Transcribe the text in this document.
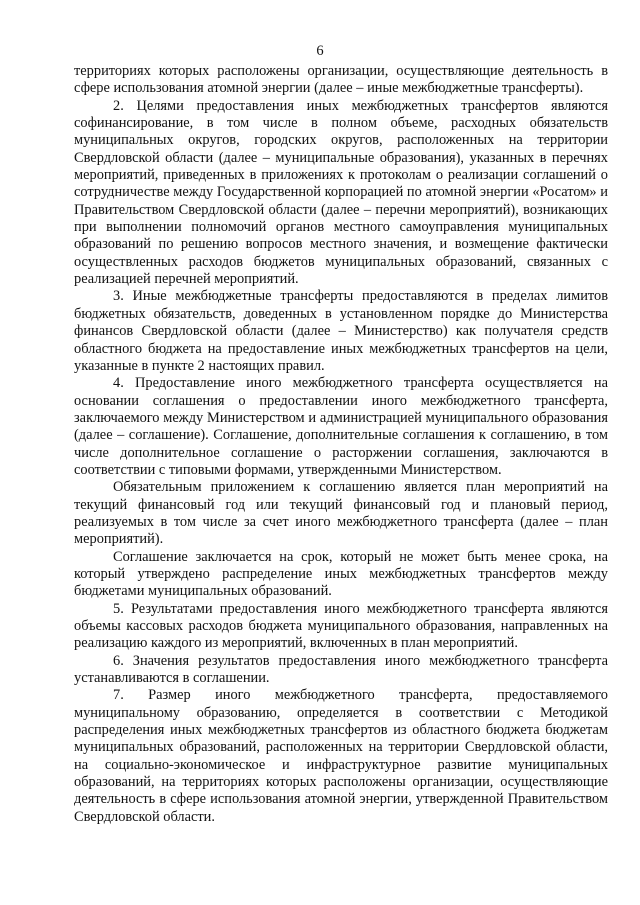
6

территориях которых расположены организации, осуществляющие деятельность в сфере использования атомной энергии (далее – иные межбюджетные трансферты).

2. Целями предоставления иных межбюджетных трансфертов являются софинансирование, в том числе в полном объеме, расходных обязательств муниципальных округов, городских округов, расположенных на территории Свердловской области (далее – муниципальные образования), указанных в перечнях мероприятий, приведенных в приложениях к протоколам о реализации соглашений о сотрудничестве между Государственной корпорацией по атомной энергии «Росатом» и Правительством Свердловской области (далее – перечни мероприятий), возникающих при выполнении полномочий органов местного самоуправления муниципальных образований по решению вопросов местного значения, и возмещение фактически осуществленных расходов бюджетов муниципальных образований, связанных с реализацией перечней мероприятий.

3. Иные межбюджетные трансферты предоставляются в пределах лимитов бюджетных обязательств, доведенных в установленном порядке до Министерства финансов Свердловской области (далее – Министерство) как получателя средств областного бюджета на предоставление иных межбюджетных трансфертов на цели, указанные в пункте 2 настоящих правил.

4. Предоставление иного межбюджетного трансферта осуществляется на основании соглашения о предоставлении иного межбюджетного трансферта, заключаемого между Министерством и администрацией муниципального образования (далее – соглашение). Соглашение, дополнительные соглашения к соглашению, в том числе дополнительное соглашение о расторжении соглашения, заключаются в соответствии с типовыми формами, утвержденными Министерством.

Обязательным приложением к соглашению является план мероприятий на текущий финансовый год или текущий финансовый год и плановый период, реализуемых в том числе за счет иного межбюджетного трансферта (далее – план мероприятий).

Соглашение заключается на срок, который не может быть менее срока, на который утверждено распределение иных межбюджетных трансфертов между бюджетами муниципальных образований.

5. Результатами предоставления иного межбюджетного трансферта являются объемы кассовых расходов бюджета муниципального образования, направленных на реализацию каждого из мероприятий, включенных в план мероприятий.

6. Значения результатов предоставления иного межбюджетного трансферта устанавливаются в соглашении.

7. Размер иного межбюджетного трансферта, предоставляемого муниципальному образованию, определяется в соответствии с Методикой распределения иных межбюджетных трансфертов из областного бюджета бюджетам муниципальных образований, расположенных на территории Свердловской области, на социально-экономическое и инфраструктурное развитие муниципальных образований, на территориях которых расположены организации, осуществляющие деятельность в сфере использования атомной энергии, утвержденной Правительством Свердловской области.
